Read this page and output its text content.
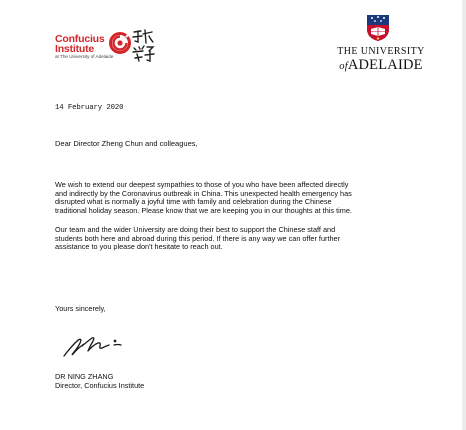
Confucius
Institute
at The University of Adelaide	THE UNIVERSITY
ofADELAIDE
14 February 2020
Dear Director Zheng Chun and colleagues,
We wish to extend our deepest sympathies to those of you who have been affected directly
and indirectly by the Coronavirus outbreak in China. This unexpected health emergency has
disrupted what is normally a joyful time with family and celebration during the Chinese
traditional holiday season. Please know that we are keeping you in our thoughts at this time.
Our team and the wider University are doing their best to support the Chinese staff and
students both here and abroad during this period. If there is any way we can offer further
assistance to you please don't hesitate to reach out.
Yours sincerely,
DR NING ZHANG
Director, Confucius Institute
